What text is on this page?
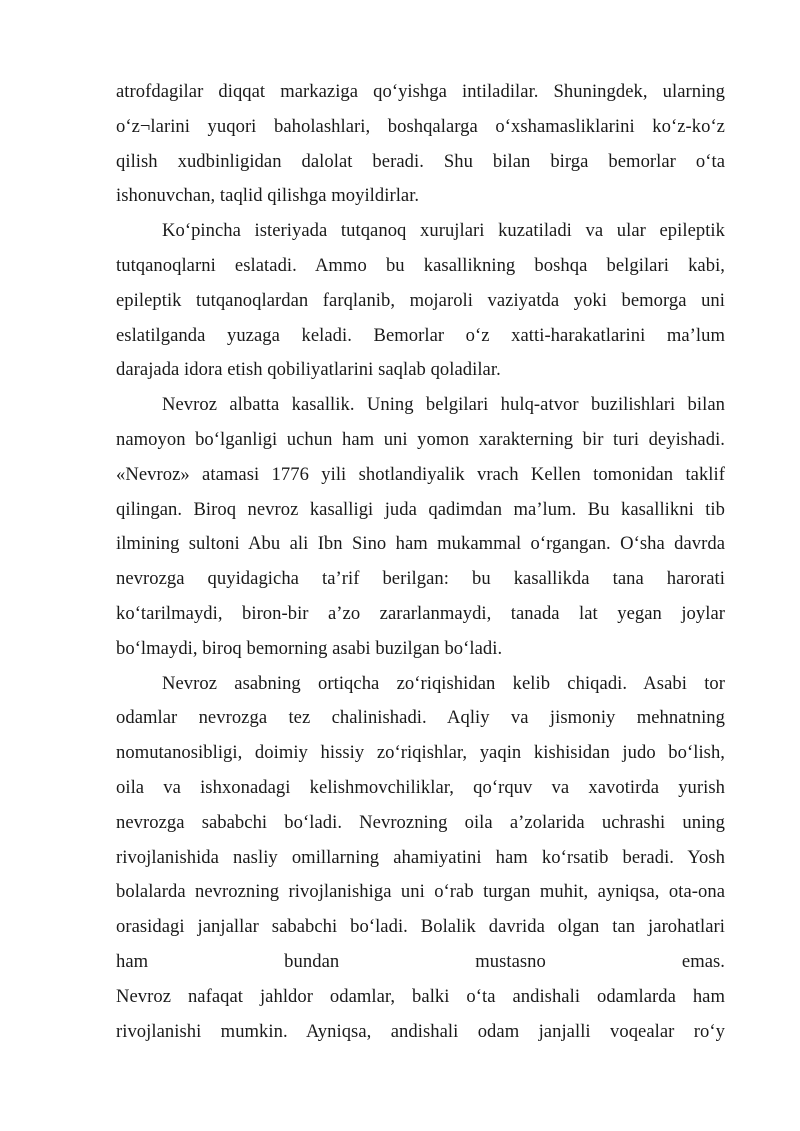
atrofdagilar diqqat markaziga qo‘yishga intiladilar. Shuningdek, ularning
o‘z¬larini yuqori baholashlari, boshqalarga o‘xshamasliklarini ko‘z-ko‘z
qilish xudbinligidan dalolat beradi. Shu bilan birga bemorlar o‘ta
ishonuvchan, taqlid qilishga moyildirlar.
Ko‘pincha isteriyada tutqanoq xurujlari kuzatiladi va ular epileptik
tutqanoqlarni eslatadi. Ammo bu kasallikning boshqa belgilari kabi,
epileptik tutqanoqlardan farqlanib, mojaroli vaziyatda yoki bemorga uni
eslatilganda yuzaga keladi. Bemorlar o‘z xatti-harakatlarini ma’lum
darajada idora etish qobiliyatlarini saqlab qoladilar.
Nevroz albatta kasallik. Uning belgilari hulq-atvor buzilishlari bilan
namoyon bo‘lganligi uchun ham uni yomon xarakterning bir turi deyishadi.
«Nevroz» atamasi 1776 yili shotlandiyalik vrach Kellen tomonidan taklif
qilingan. Biroq nevroz kasalligi juda qadimdan ma’lum. Bu kasallikni tib
ilmining sultoni Abu ali Ibn Sino ham mukammal o‘rgangan. O‘sha davrda
nevrozga quyidagicha ta’rif berilgan: bu kasallikda tana harorati
ko‘tarilmaydi, biron-bir a’zo zararlanmaydi, tanada lat yegan joylar
bo‘lmaydi, biroq bemorning asabi buzilgan bo‘ladi.
Nevroz asabning ortiqcha zo‘riqishidan kelib chiqadi. Asabi tor
odamlar nevrozga tez chalinishadi. Aqliy va jismoniy mehnatning
nomutanosibligi, doimiy hissiy zo‘riqishlar, yaqin kishisidan judo bo‘lish,
oila va ishxonadagi kelishmovchiliklar, qo‘rquv va xavotirda yurish
nevrozga sababchi bo‘ladi. Nevrozning oila a’zolarida uchrashi uning
rivojlanishida nasliy omillarning ahamiyatini ham ko‘rsatib beradi. Yosh
bolalarda nevrozning rivojlanishiga uni o‘rab turgan muhit, ayniqsa, ota-ona
orasidagi janjallar sababchi bo‘ladi. Bolalik davrida olgan tan jarohatlari
ham bundan mustasno emas.
Nevroz nafaqat jahldor odamlar, balki o‘ta andishali odamlarda ham
rivojlanishi mumkin. Ayniqsa, andishali odam janjalli voqealar ro‘y
